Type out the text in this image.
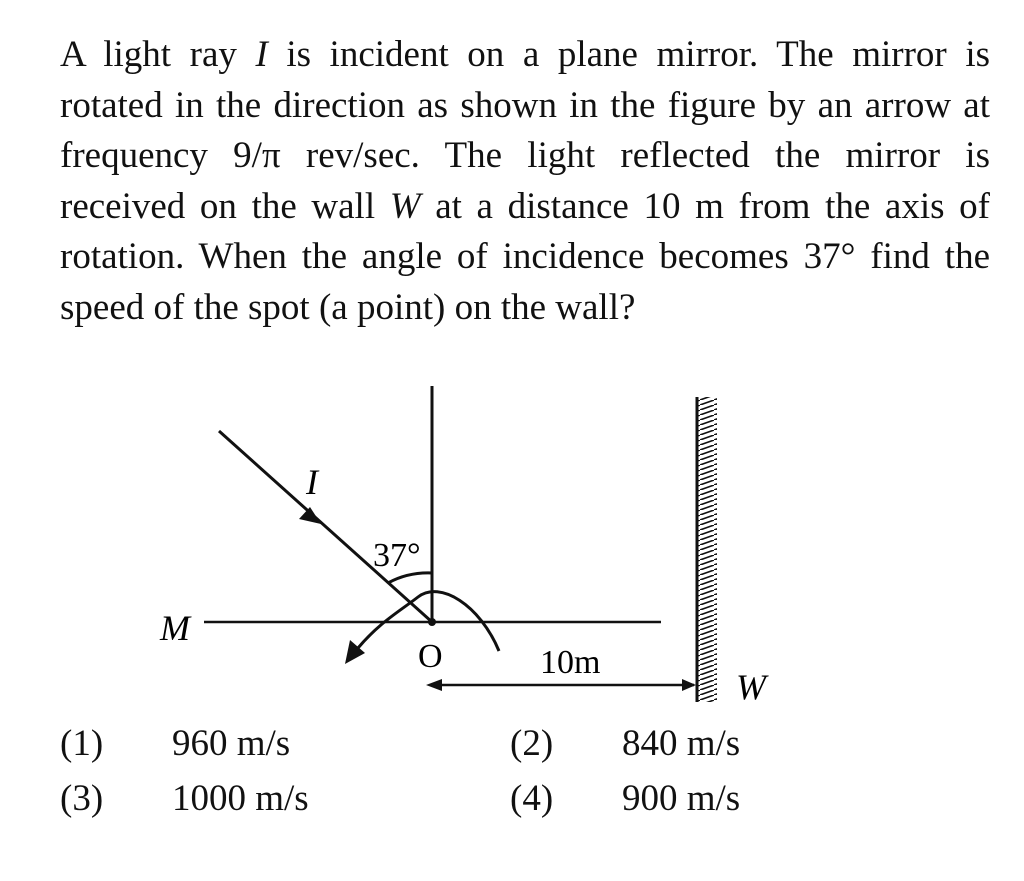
A light ray I is incident on a plane mirror. The mirror is rotated in the direction as shown in the figure by an arrow at frequency 9/π rev/sec. The light reflected the mirror is received on the wall W at a distance 10 m from the axis of rotation. When the angle of incidence becomes 37° find the speed of the spot (a point) on the wall?

I
37°
M
O	10m
W
(1) 960 m/s	(2) 840 m/s
(3) 1000 m/s	(4) 900 m/s
